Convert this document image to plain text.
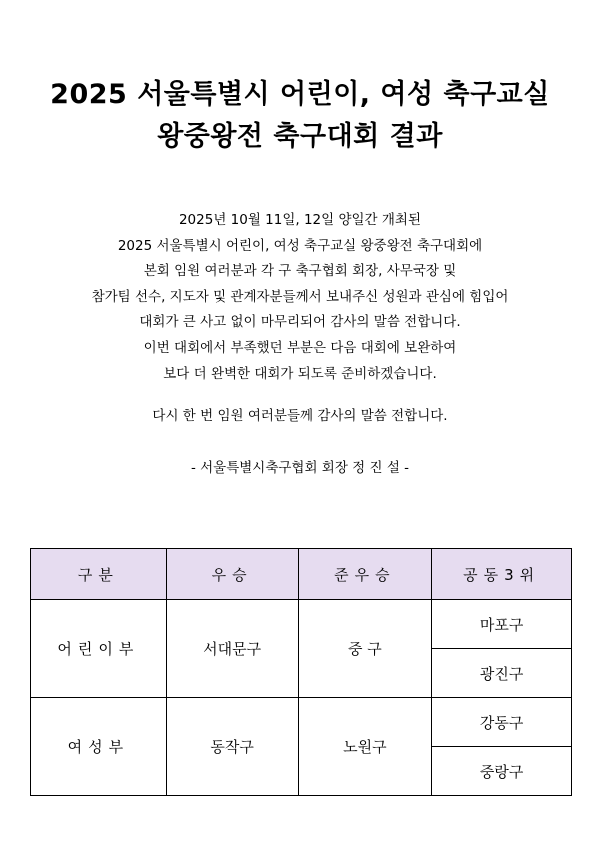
2025 서울특별시 어린이, 여성 축구교실
왕중왕전 축구대회 결과
2025년 10월 11일, 12일 양일간 개최된
2025 서울특별시 어린이, 여성 축구교실 왕중왕전 축구대회에
본회 임원 여러분과 각 구 축구협회 회장, 사무국장 및
참가팀 선수, 지도자 및 관계자분들께서 보내주신 성원과 관심에 힘입어
대회가 큰 사고 없이 마무리되어 감사의 말씀 전합니다.
이번 대회에서 부족했던 부분은 다음 대회에 보완하여
보다 더 완벽한 대회가 되도록 준비하겠습니다.
다시 한 번 임원 여러분들께 감사의 말씀 전합니다.
- 서울특별시축구협회 회장 정 진 설 -
구분	우승	준우승	공동3위
어린이부	서대문구	중 구	마포구
			광진구
여성부	동작구	노원구	강동구
			중랑구
